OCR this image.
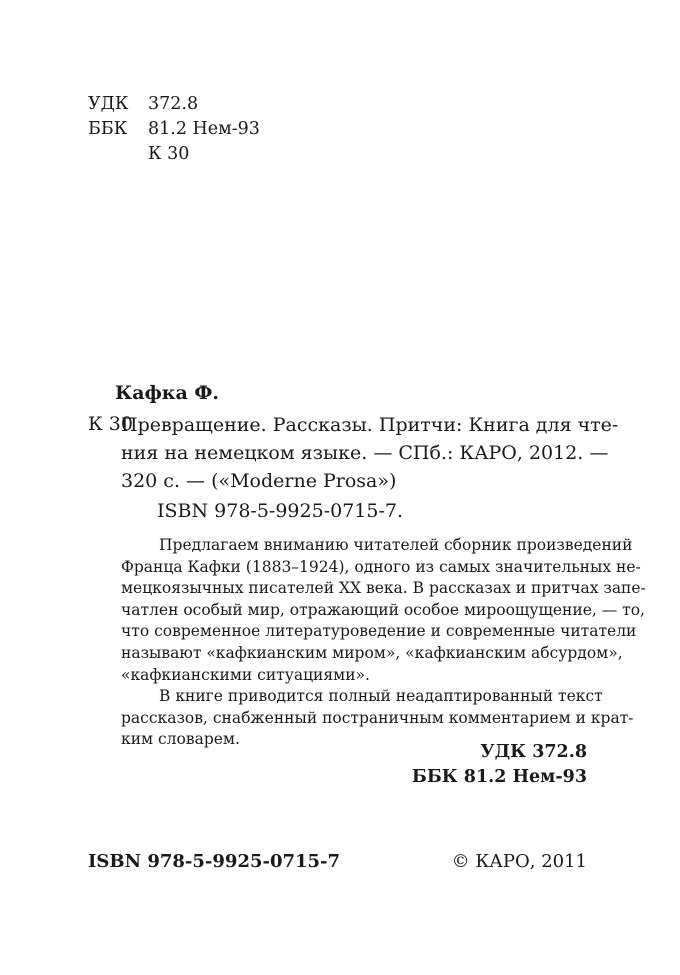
УДК	372.8
ББК	81.2 Нем-93
К 30
Кафка Ф.
К 30
Превращение. Рассказы. Притчи: Книга для чте-
ния на немецком языке. — СПб.: КАРО, 2012. —
320 с. — («Moderne Prosa»)
ISBN 978-5-9925-0715-7.
Предлагаем вниманию читателей сборник произведений
Франца Кафки (1883–1924), одного из самых значительных не-
мецкоязычных писателей XX века. В рассказах и притчах запе-
чатлен особый мир, отражающий особое мироощущение, — то,
что современное литературоведение и современные читатели
называют «кафкианским миром», «кафкианским абсурдом»,
«кафкианскими ситуациями».
В книге приводится полный неадаптированный текст
рассказов, снабженный постраничным комментарием и крат-
ким словарем.
УДК 372.8
ББК 81.2 Нем-93
ISBN 978-5-9925-0715-7	© КАРО, 2011
